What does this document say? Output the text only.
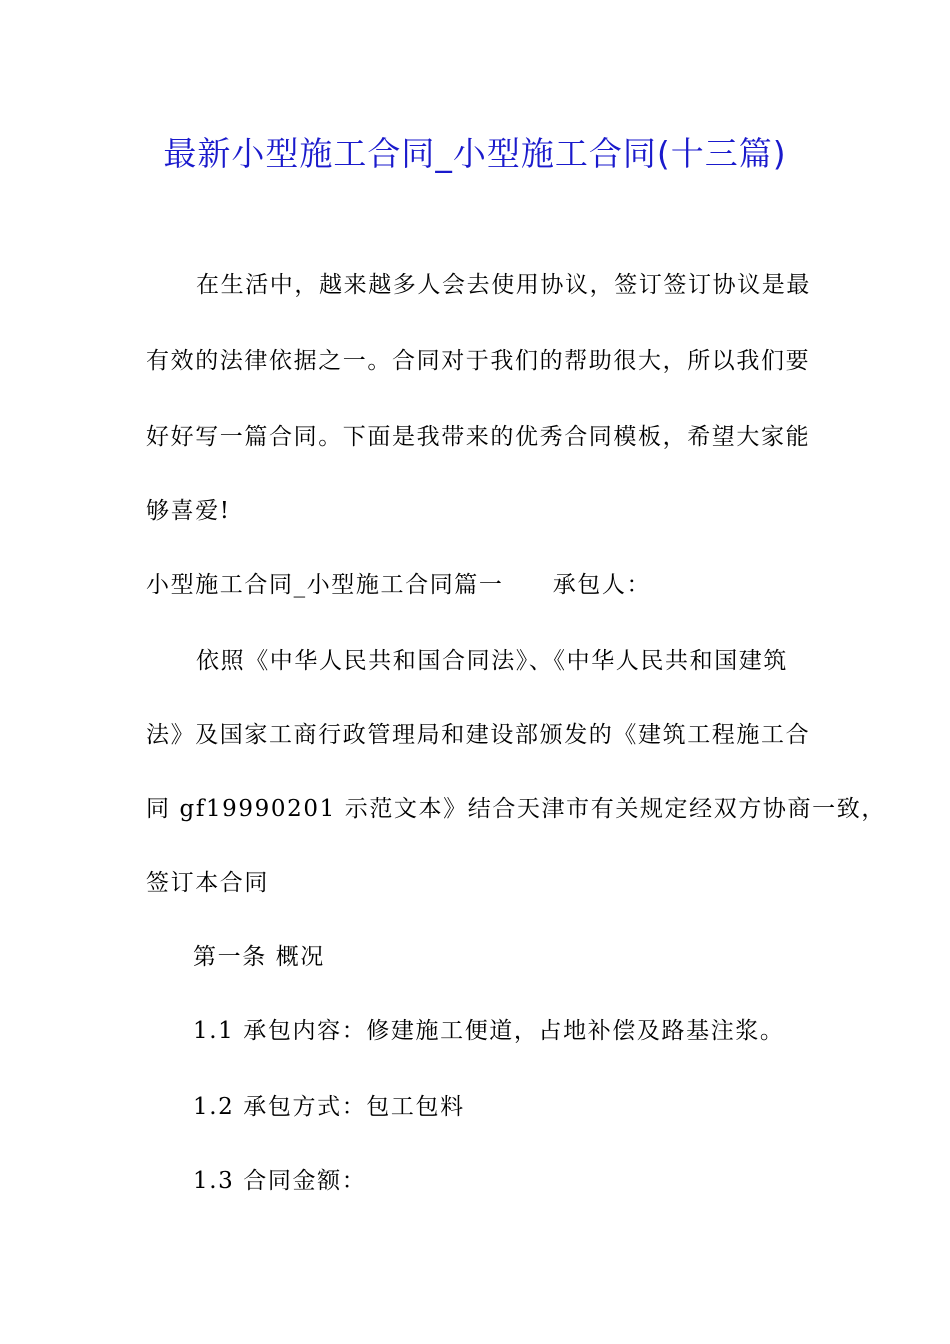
最新小型施工合同_小型施工合同(十三篇)
在生活中，越来越多人会去使用协议，签订签订协议是最
有效的法律依据之一。合同对于我们的帮助很大，所以我们要
好好写一篇合同。下面是我带来的优秀合同模板，希望大家能
够喜爱!
小型施工合同_小型施工合同篇一　　承包人：
依照《中华人民共和国合同法》、《中华人民共和国建筑
法》及国家工商行政管理局和建设部颁发的《建筑工程施工合
同 gf19990201 示范文本》结合天津市有关规定经双方协商一致，
签订本合同
第一条 概况
1.1 承包内容：修建施工便道，占地补偿及路基注浆。
1.2 承包方式：包工包料
1.3 合同金额：
